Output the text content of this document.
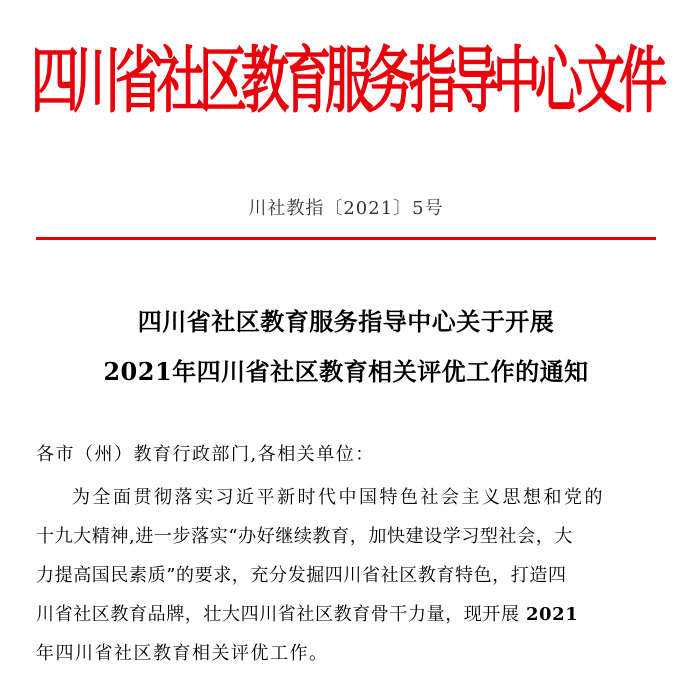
四川省社区教育服务指导中心文件
川社教指〔2021〕5号
四川省社区教育服务指导中心关于开展
2021年四川省社区教育相关评优工作的通知
各市（州）教育行政部门,各相关单位：
为全面贯彻落实习近平新时代中国特色社会主义思想和党的
十九大精神,进一步落实“办好继续教育，加快建设学习型社会，大
力提高国民素质”的要求，充分发掘四川省社区教育特色，打造四
川省社区教育品牌，壮大四川省社区教育骨干力量，现开展 2021
年四川省社区教育相关评优工作。
